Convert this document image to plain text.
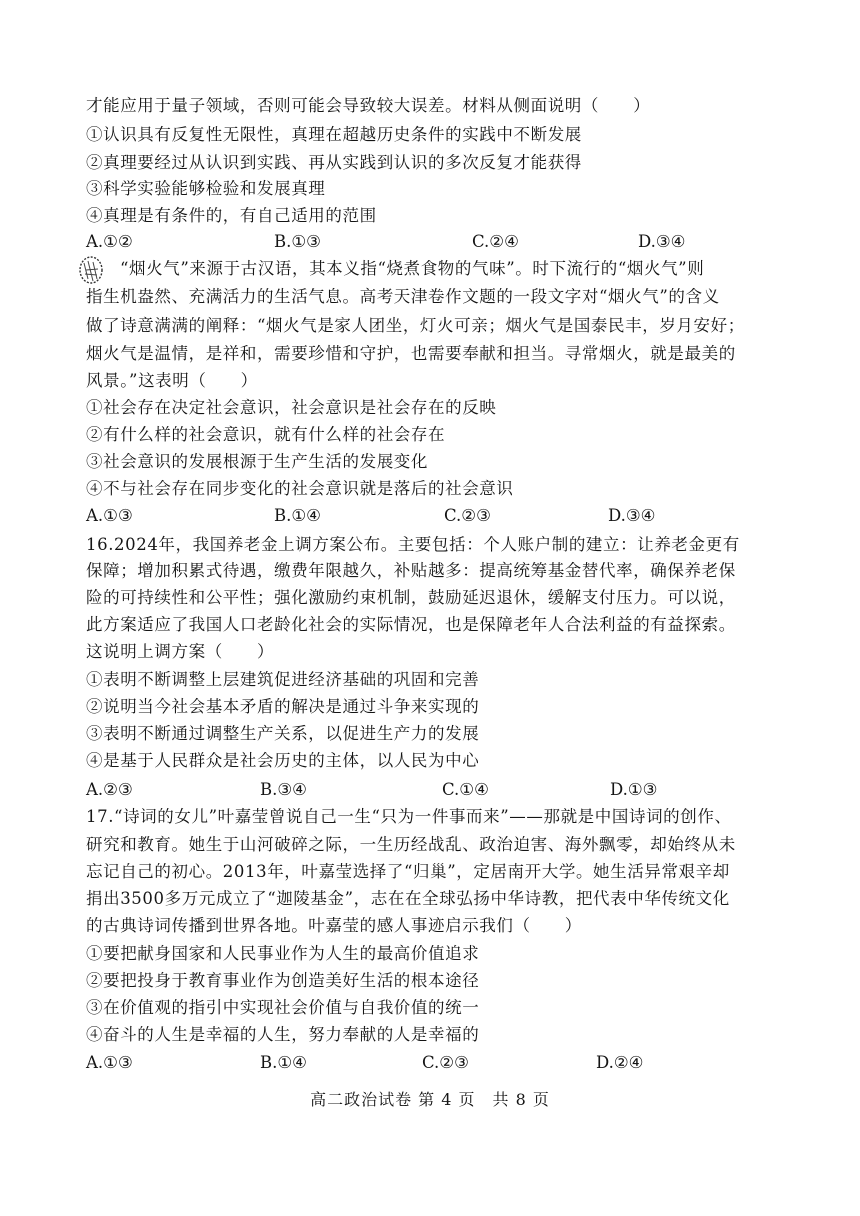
才能应用于量子领域，否则可能会导致较大误差。材料从侧面说明（　　）
①认识具有反复性无限性，真理在超越历史条件的实践中不断发展
②真理要经过从认识到实践、再从实践到认识的多次反复才能获得
③科学实验能够检验和发展真理
④真理是有条件的，有自己适用的范围
A.①②	B.①③	C.②④	D.③④
“烟火气”来源于古汉语，其本义指“烧煮食物的气味”。时下流行的“烟火气”则
指生机盎然、充满活力的生活气息。高考天津卷作文题的一段文字对“烟火气”的含义
做了诗意满满的阐释：“烟火气是家人团坐，灯火可亲；烟火气是国泰民丰，岁月安好；
烟火气是温情，是祥和，需要珍惜和守护，也需要奉献和担当。寻常烟火，就是最美的
风景。”这表明（　　）
①社会存在决定社会意识，社会意识是社会存在的反映
②有什么样的社会意识，就有什么样的社会存在
③社会意识的发展根源于生产生活的发展变化
④不与社会存在同步变化的社会意识就是落后的社会意识
A.①③	B.①④	C.②③	D.③④
16.2024年，我国养老金上调方案公布。主要包括：个人账户制的建立：让养老金更有
保障；增加积累式待遇，缴费年限越久，补贴越多：提高统筹基金替代率，确保养老保
险的可持续性和公平性；强化激励约束机制，鼓励延迟退休，缓解支付压力。可以说，
此方案适应了我国人口老龄化社会的实际情况，也是保障老年人合法利益的有益探索。
这说明上调方案（　　）
①表明不断调整上层建筑促进经济基础的巩固和完善
②说明当今社会基本矛盾的解决是通过斗争来实现的
③表明不断通过调整生产关系，以促进生产力的发展
④是基于人民群众是社会历史的主体，以人民为中心
A.②③	B.③④	C.①④	D.①③
17.“诗词的女儿”叶嘉莹曾说自己一生“只为一件事而来”——那就是中国诗词的创作、
研究和教育。她生于山河破碎之际，一生历经战乱、政治迫害、海外飘零，却始终从未
忘记自己的初心。2013年，叶嘉莹选择了“归巢”，定居南开大学。她生活异常艰辛却
捐出3500多万元成立了“迦陵基金”，志在在全球弘扬中华诗教，把代表中华传统文化
的古典诗词传播到世界各地。叶嘉莹的感人事迹启示我们（　　）
①要把献身国家和人民事业作为人生的最高价值追求
②要把投身于教育事业作为创造美好生活的根本途径
③在价值观的指引中实现社会价值与自我价值的统一
④奋斗的人生是幸福的人生，努力奉献的人是幸福的
A.①③	B.①④	C.②③	D.②④
高二政治试卷 第 4 页　共 8 页
